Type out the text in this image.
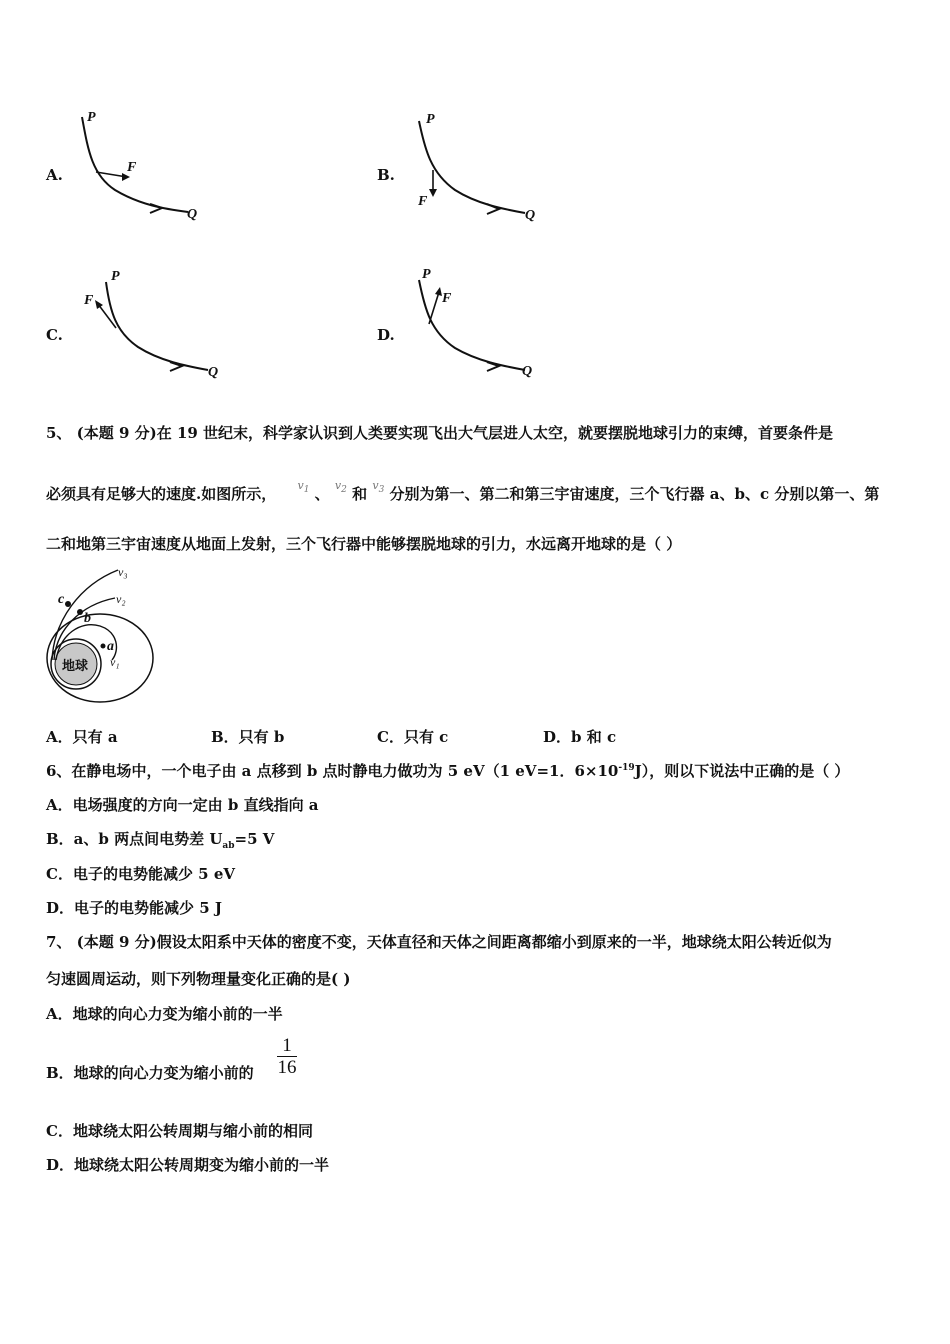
A.
P
F
Q
B.
P
F
Q
C.
P
F
Q
D.
P
F
Q
5、 (本题 9 分)在 19 世纪末，科学家认识到人类要实现飞出大气层进人太空，就要摆脱地球引力的束缚，首要条件是
必须具有足够大的速度.如图所示， $^{v_1}$ 、 $^{v_2}$ 和 $^{v_3}$ 分别为第一、第二和第三宇宙速度，三个飞行器 a、b、c 分别以第一、第
二和地第三宇宙速度从地面上发射，三个飞行器中能够摆脱地球的引力，水远离开地球的是（ ）
c
b
a
v₃
v₂
v₁
地球
A．只有 a	B．只有 b	C．只有 c	D．b 和 c
6、在静电场中，一个电子由 a 点移到 b 点时静电力做功为 5 eV（1 eV=1．$6\times 10^{-19}J$），则以下说法中正确的是（ ）
A．电场强度的方向一定由 b 直线指向 a
B．a、b 两点间电势差 $U_{ab}=5$ V
C．电子的电势能减少 5 eV
D．电子的电势能减少 5 J
7、 (本题 9 分)假设太阳系中天体的密度不变，天体直径和天体之间距离都缩小到原来的一半，地球绕太阳公转近似为
匀速圆周运动，则下列物理量变化正确的是( )
A．地球的向心力变为缩小前的一半
B．地球的向心力变为缩小前的
1
16
C．地球绕太阳公转周期与缩小前的相同
D．地球绕太阳公转周期变为缩小前的一半
